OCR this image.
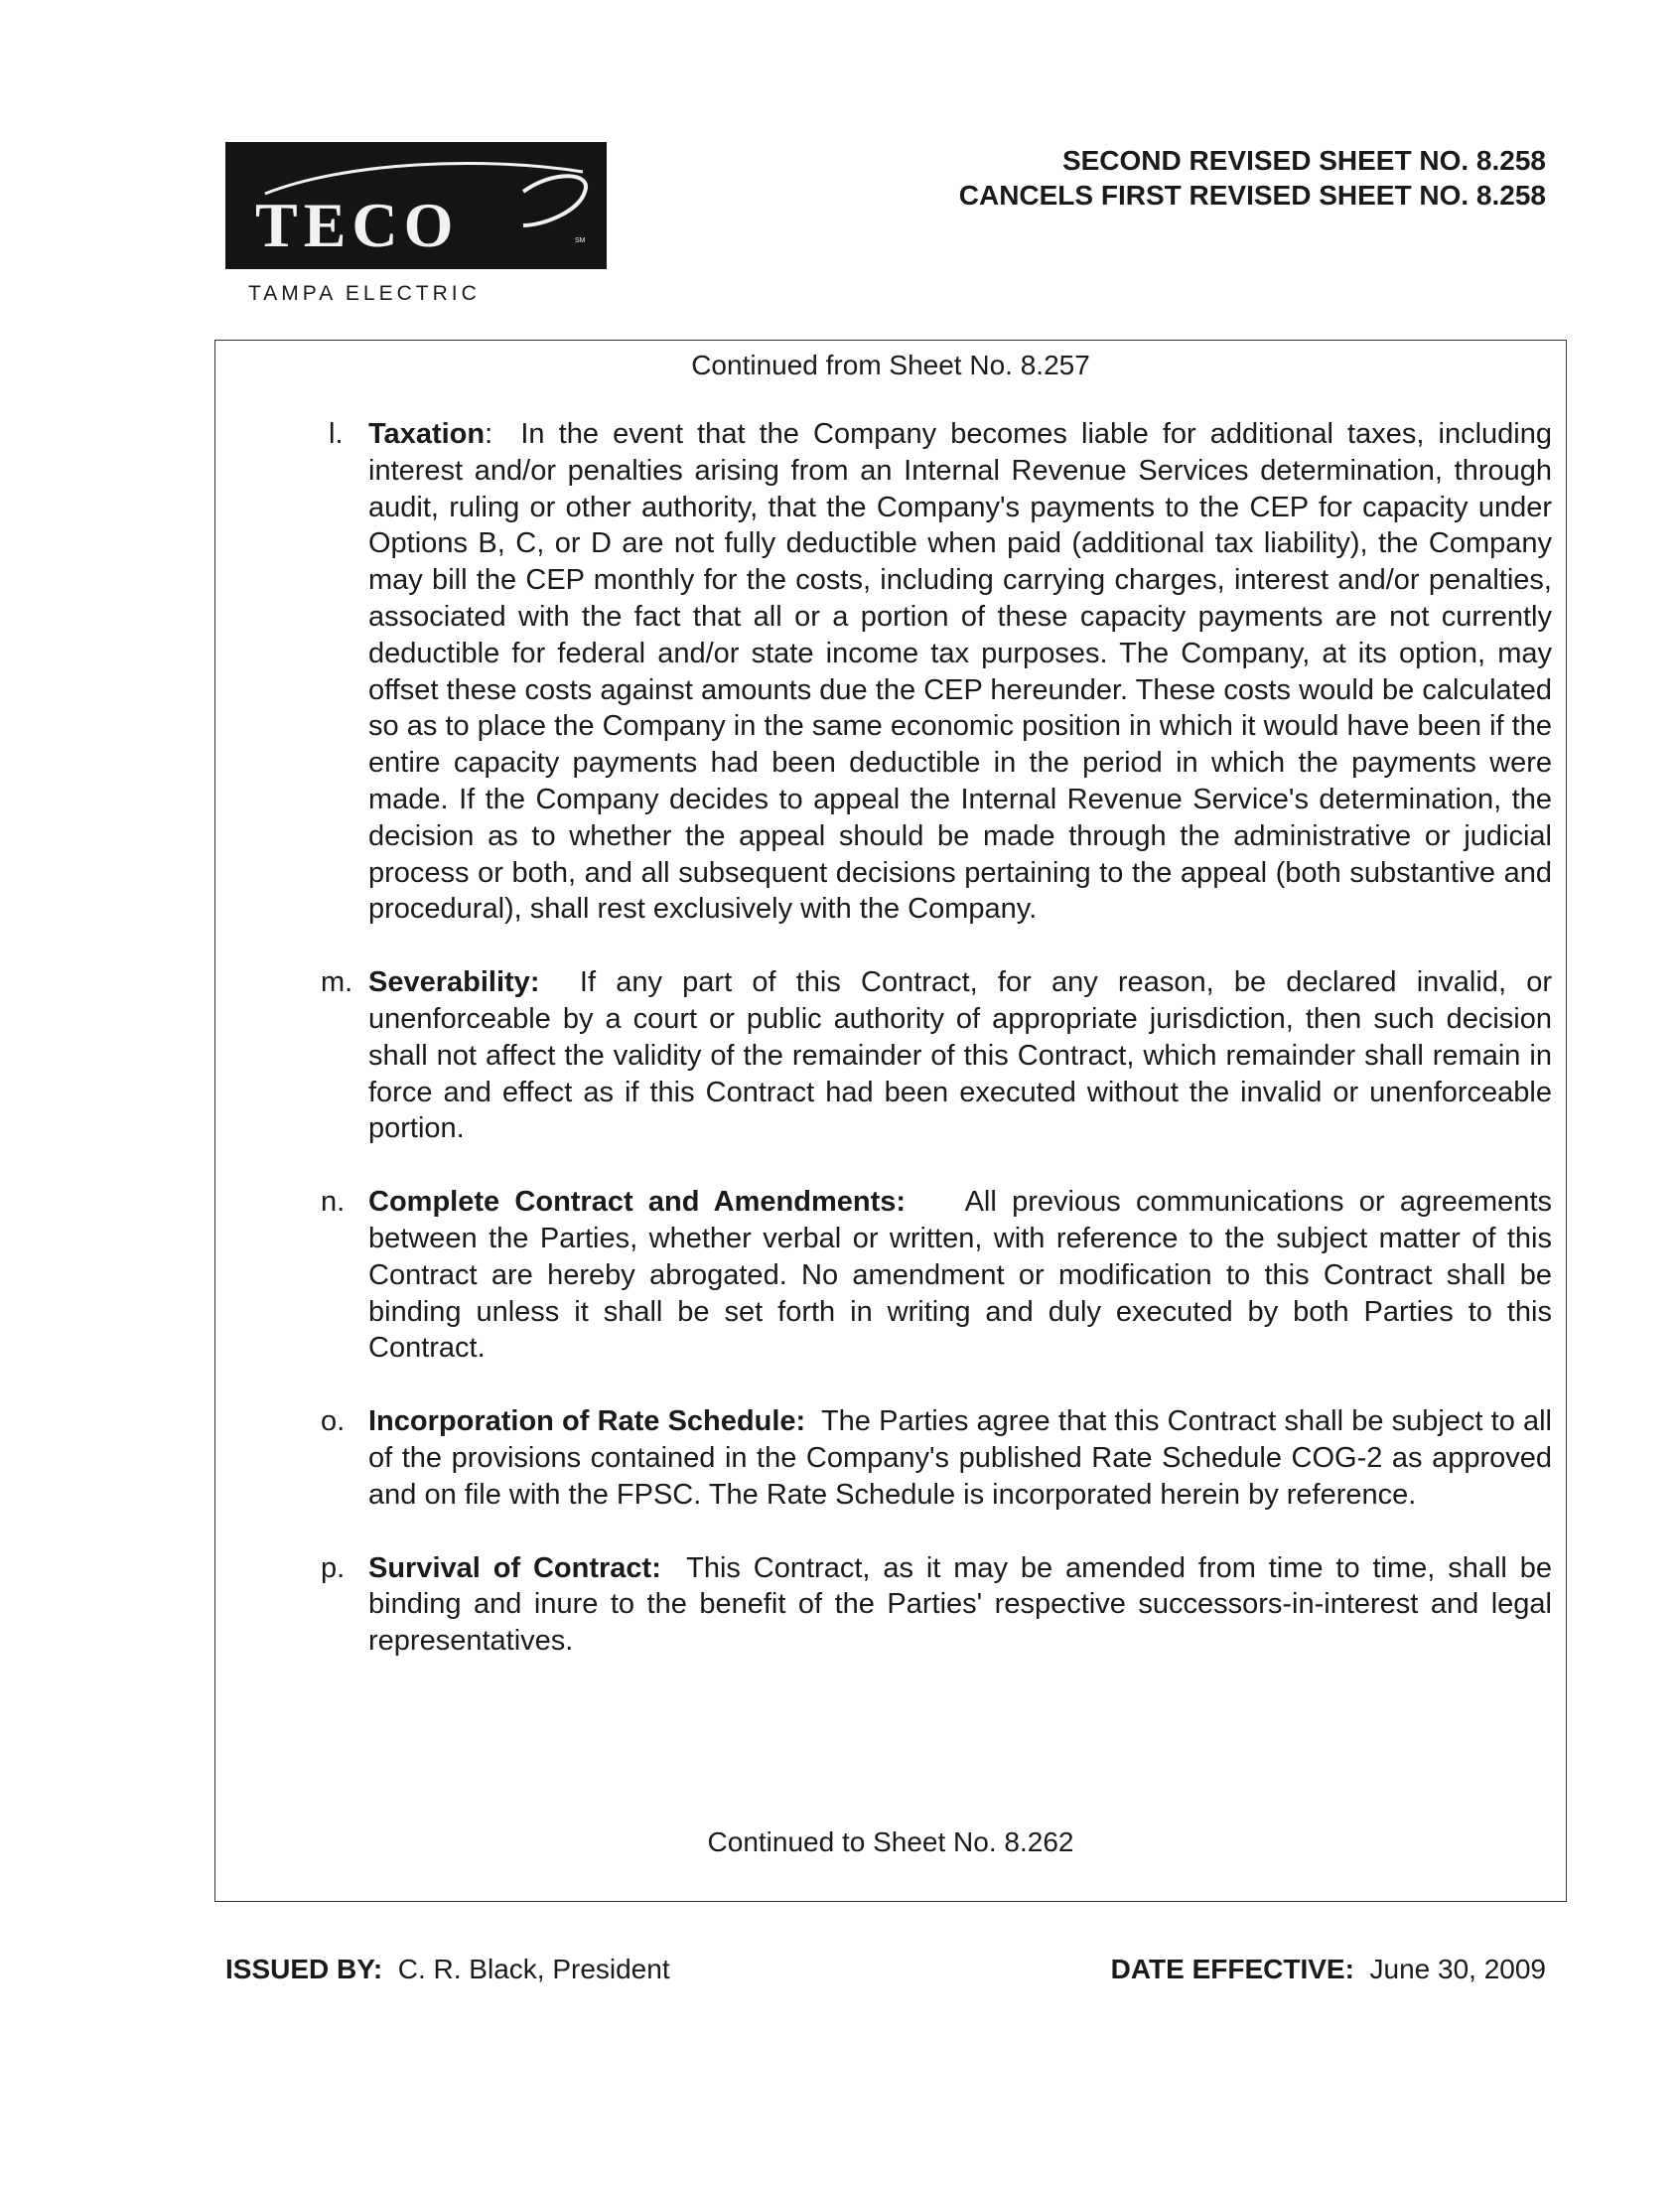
TECO	SM
TAMPA ELECTRIC
SECOND REVISED SHEET NO. 8.258
CANCELS FIRST REVISED SHEET NO. 8.258
Continued from Sheet No. 8.257
l. Taxation: In the event that the Company becomes liable for additional taxes, including interest and/or penalties arising from an Internal Revenue Services determination, through audit, ruling or other authority, that the Company's payments to the CEP for capacity under Options B, C, or D are not fully deductible when paid (additional tax liability), the Company may bill the CEP monthly for the costs, including carrying charges, interest and/or penalties, associated with the fact that all or a portion of these capacity payments are not currently deductible for federal and/or state income tax purposes. The Company, at its option, may offset these costs against amounts due the CEP hereunder. These costs would be calculated so as to place the Company in the same economic position in which it would have been if the entire capacity payments had been deductible in the period in which the payments were made. If the Company decides to appeal the Internal Revenue Service's determination, the decision as to whether the appeal should be made through the administrative or judicial process or both, and all subsequent decisions pertaining to the appeal (both substantive and procedural), shall rest exclusively with the Company.
m. Severability: If any part of this Contract, for any reason, be declared invalid, or unenforceable by a court or public authority of appropriate jurisdiction, then such decision shall not affect the validity of the remainder of this Contract, which remainder shall remain in force and effect as if this Contract had been executed without the invalid or unenforceable portion.
n. Complete Contract and Amendments: All previous communications or agreements between the Parties, whether verbal or written, with reference to the subject matter of this Contract are hereby abrogated. No amendment or modification to this Contract shall be binding unless it shall be set forth in writing and duly executed by both Parties to this Contract.
o. Incorporation of Rate Schedule: The Parties agree that this Contract shall be subject to all of the provisions contained in the Company's published Rate Schedule COG-2 as approved and on file with the FPSC. The Rate Schedule is incorporated herein by reference.
p. Survival of Contract: This Contract, as it may be amended from time to time, shall be binding and inure to the benefit of the Parties' respective successors-in-interest and legal representatives.
Continued to Sheet No. 8.262
ISSUED BY: C. R. Black, President	DATE EFFECTIVE: June 30, 2009
